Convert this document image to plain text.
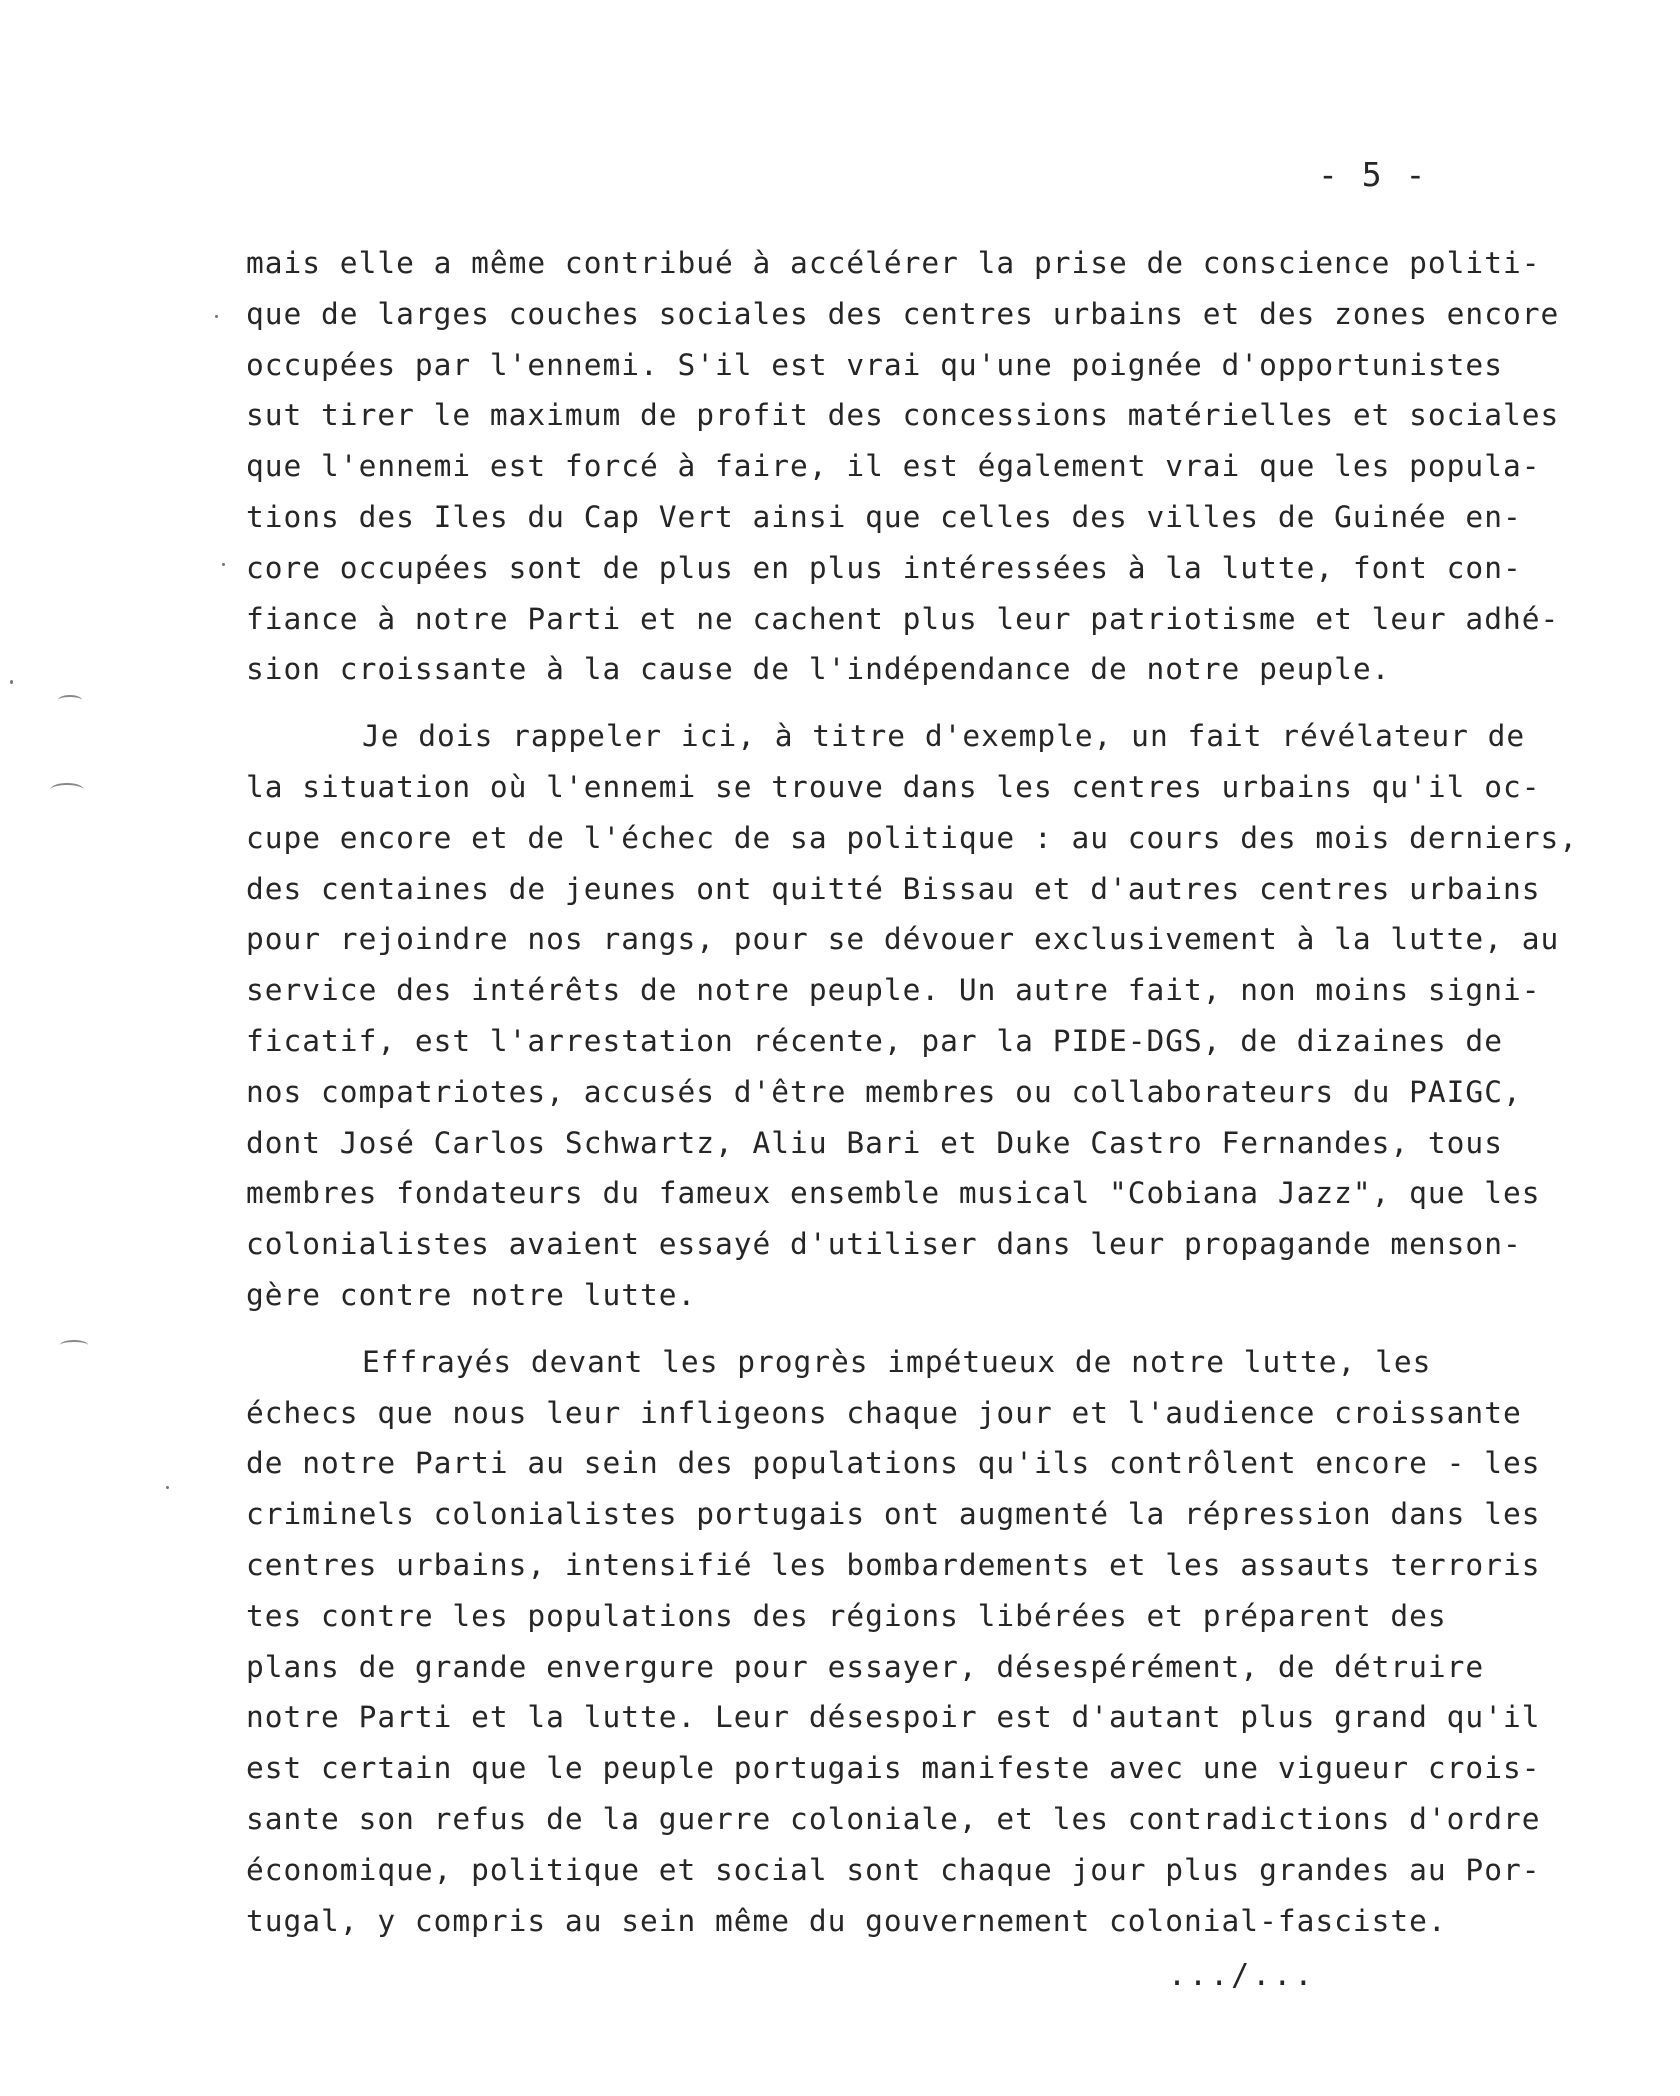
- 5 -
mais elle a même contribué à accélérer la prise de conscience politi-
que de larges couches sociales des centres urbains et des zones encore
occupées par l'ennemi. S'il est vrai qu'une poignée d'opportunistes
sut tirer le maximum de profit des concessions matérielles et sociales
que l'ennemi est forcé à faire, il est également vrai que les popula-
tions des Iles du Cap Vert ainsi que celles des villes de Guinée en-
core occupées sont de plus en plus intéressées à la lutte, font con-
fiance à notre Parti et ne cachent plus leur patriotisme et leur adhé-
sion croissante à la cause de l'indépendance de notre peuple.
Je dois rappeler ici, à titre d'exemple, un fait révélateur de
la situation où l'ennemi se trouve dans les centres urbains qu'il oc-
cupe encore et de l'échec de sa politique : au cours des mois derniers,
des centaines de jeunes ont quitté Bissau et d'autres centres urbains
pour rejoindre nos rangs, pour se dévouer exclusivement à la lutte, au
service des intérêts de notre peuple. Un autre fait, non moins signi-
ficatif, est l'arrestation récente, par la PIDE-DGS, de dizaines de
nos compatriotes, accusés d'être membres ou collaborateurs du PAIGC,
dont José Carlos Schwartz, Aliu Bari et Duke Castro Fernandes, tous
membres fondateurs du fameux ensemble musical "Cobiana Jazz", que les
colonialistes avaient essayé d'utiliser dans leur propagande menson-
gère contre notre lutte.
Effrayés devant les progrès impétueux de notre lutte, les
échecs que nous leur infligeons chaque jour et l'audience croissante
de notre Parti au sein des populations qu'ils contrôlent encore - les
criminels colonialistes portugais ont augmenté la répression dans les
centres urbains, intensifié les bombardements et les assauts terroris
tes contre les populations des régions libérées et préparent des
plans de grande envergure pour essayer, désespérément, de détruire
notre Parti et la lutte. Leur désespoir est d'autant plus grand qu'il
est certain que le peuple portugais manifeste avec une vigueur crois-
sante son refus de la guerre coloniale, et les contradictions d'ordre
économique, politique et social sont chaque jour plus grandes au Por-
tugal, y compris au sein même du gouvernement colonial-fasciste.
.../...
